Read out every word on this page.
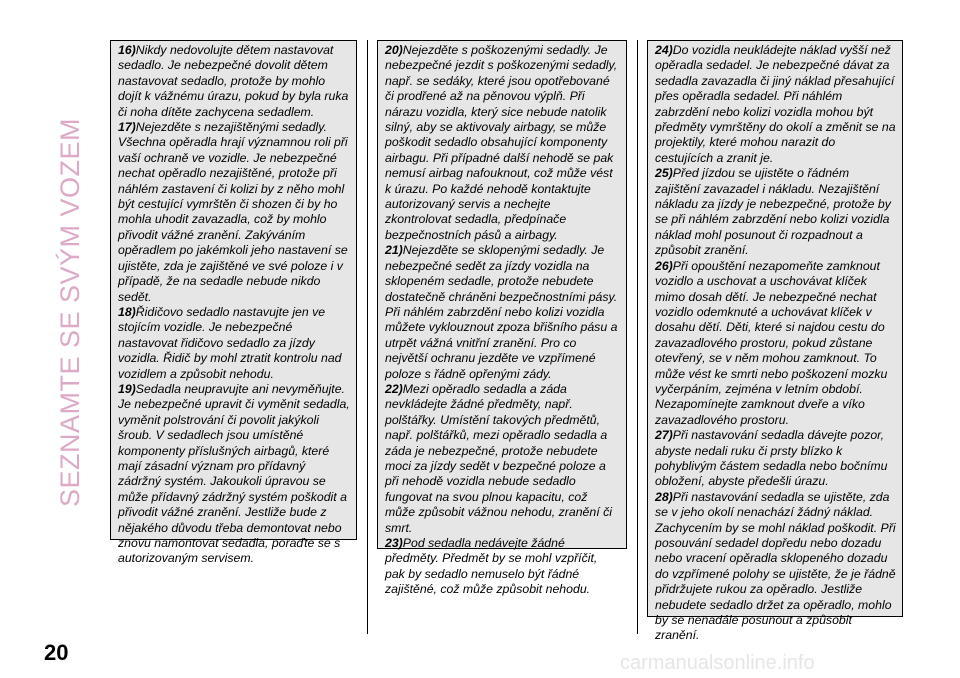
SEZNAMTE SE SVÝM VOZEM

16)Nikdy nedovolujte dětem nastavovat sedadlo. Je nebezpečné dovolit dětem nastavovat sedadlo, protože by mohlo dojít k vážnému úrazu, pokud by byla ruka či noha dítěte zachycena sedadlem.

17)Nejezděte s nezajištěnými sedadly. Všechna opěradla hrají významnou roli při vaší ochraně ve vozidle. Je nebezpečné nechat opěradlo nezajištěné, protože při náhlém zastavení či kolizi by z něho mohl být cestující vymrštěn či shozen či by ho mohla uhodit zavazadla, což by mohlo přivodit vážné zranění. Zakýváním opěradlem po jakémkoli jeho nastavení se ujistěte, zda je zajištěné ve své poloze i v případě, že na sedadle nebude nikdo sedět.

18)Řidičovo sedadlo nastavujte jen ve stojícím vozidle. Je nebezpečné nastavovat řidičovo sedadlo za jízdy vozidla. Řidič by mohl ztratit kontrolu nad vozidlem a způsobit nehodu.

19)Sedadla neupravujte ani nevyměňujte. Je nebezpečné upravit či vyměnit sedadla, vyměnit polstrování či povolit jakýkoli šroub. V sedadlech jsou umístěné komponenty příslušných airbagů, které mají zásadní význam pro přídavný zádržný systém. Jakoukoli úpravou se může přídavný zádržný systém poškodit a přivodit vážné zranění. Jestliže bude z nějakého důvodu třeba demontovat nebo znovu namontovat sedadla, poraďte se s autorizovaným servisem.

20)Nejezděte s poškozenými sedadly. Je nebezpečné jezdit s poškozenými sedadly, např. se sedáky, které jsou opotřebované či prodřené až na pěnovou výplň. Při nárazu vozidla, který sice nebude natolik silný, aby se aktivovaly airbagy, se může poškodit sedadlo obsahující komponenty airbagu. Při případné další nehodě se pak nemusí airbag nafouknout, což může vést k úrazu. Po každé nehodě kontaktujte autorizovaný servis a nechejte zkontrolovat sedadla, předpínače bezpečnostních pásů a airbagy.

21)Nejezděte se sklopenými sedadly. Je nebezpečné sedět za jízdy vozidla na sklopeném sedadle, protože nebudete dostatečně chráněni bezpečnostními pásy. Při náhlém zabrzdění nebo kolizi vozidla můžete vyklouznout zpoza břišního pásu a utrpět vážná vnitřní zranění. Pro co největší ochranu jezděte ve vzpřímené poloze s řádně opřenými zády.

22)Mezi opěradlo sedadla a záda nevkládejte žádné předměty, např. polštářky. Umístění takových předmětů, např. polštářků, mezi opěradlo sedadla a záda je nebezpečné, protože nebudete moci za jízdy sedět v bezpečné poloze a při nehodě vozidla nebude sedadlo fungovat na svou plnou kapacitu, což může způsobit vážnou nehodu, zranění či smrt.

23)Pod sedadla nedávejte žádné předměty. Předmět by se mohl vzpříčit, pak by sedadlo nemuselo být řádné zajištěné, což může způsobit nehodu.

24)Do vozidla neukládejte náklad vyšší než opěradla sedadel. Je nebezpečné dávat za sedadla zavazadla či jiný náklad přesahující přes opěradla sedadel. Při náhlém zabrzdění nebo kolizi vozidla mohou být předměty vymrštěny do okolí a změnit se na projektily, které mohou narazit do cestujících a zranit je.

25)Před jízdou se ujistěte o řádném zajištění zavazadel i nákladu. Nezajištění nákladu za jízdy je nebezpečné, protože by se při náhlém zabrzdění nebo kolizi vozidla náklad mohl posunout či rozpadnout a způsobit zranění.

26)Při opouštění nezapomeňte zamknout vozidlo a uschovat a uschovávat klíček mimo dosah dětí. Je nebezpečné nechat vozidlo odemknuté a uchovávat klíček v dosahu dětí. Děti, které si najdou cestu do zavazadlového prostoru, pokud zůstane otevřený, se v něm mohou zamknout. To může vést ke smrti nebo poškození mozku vyčerpáním, zejména v letním období. Nezapomínejte zamknout dveře a víko zavazadlového prostoru.

27)Při nastavování sedadla dávejte pozor, abyste nedali ruku či prsty blízko k pohyblivým částem sedadla nebo bočnímu obložení, abyste předešli úrazu.

28)Při nastavování sedadla se ujistěte, zda se v jeho okolí nenachází žádný náklad. Zachycením by se mohl náklad poškodit. Při posouvání sedadel dopředu nebo dozadu nebo vracení opěradla sklopeného dozadu do vzpřímené polohy se ujistěte, že je řádně přidržujete rukou za opěradlo. Jestliže nebudete sedadlo držet za opěradlo, mohlo by se nenadále posunout a způsobit zranění.

20	carmanualsonline.info
